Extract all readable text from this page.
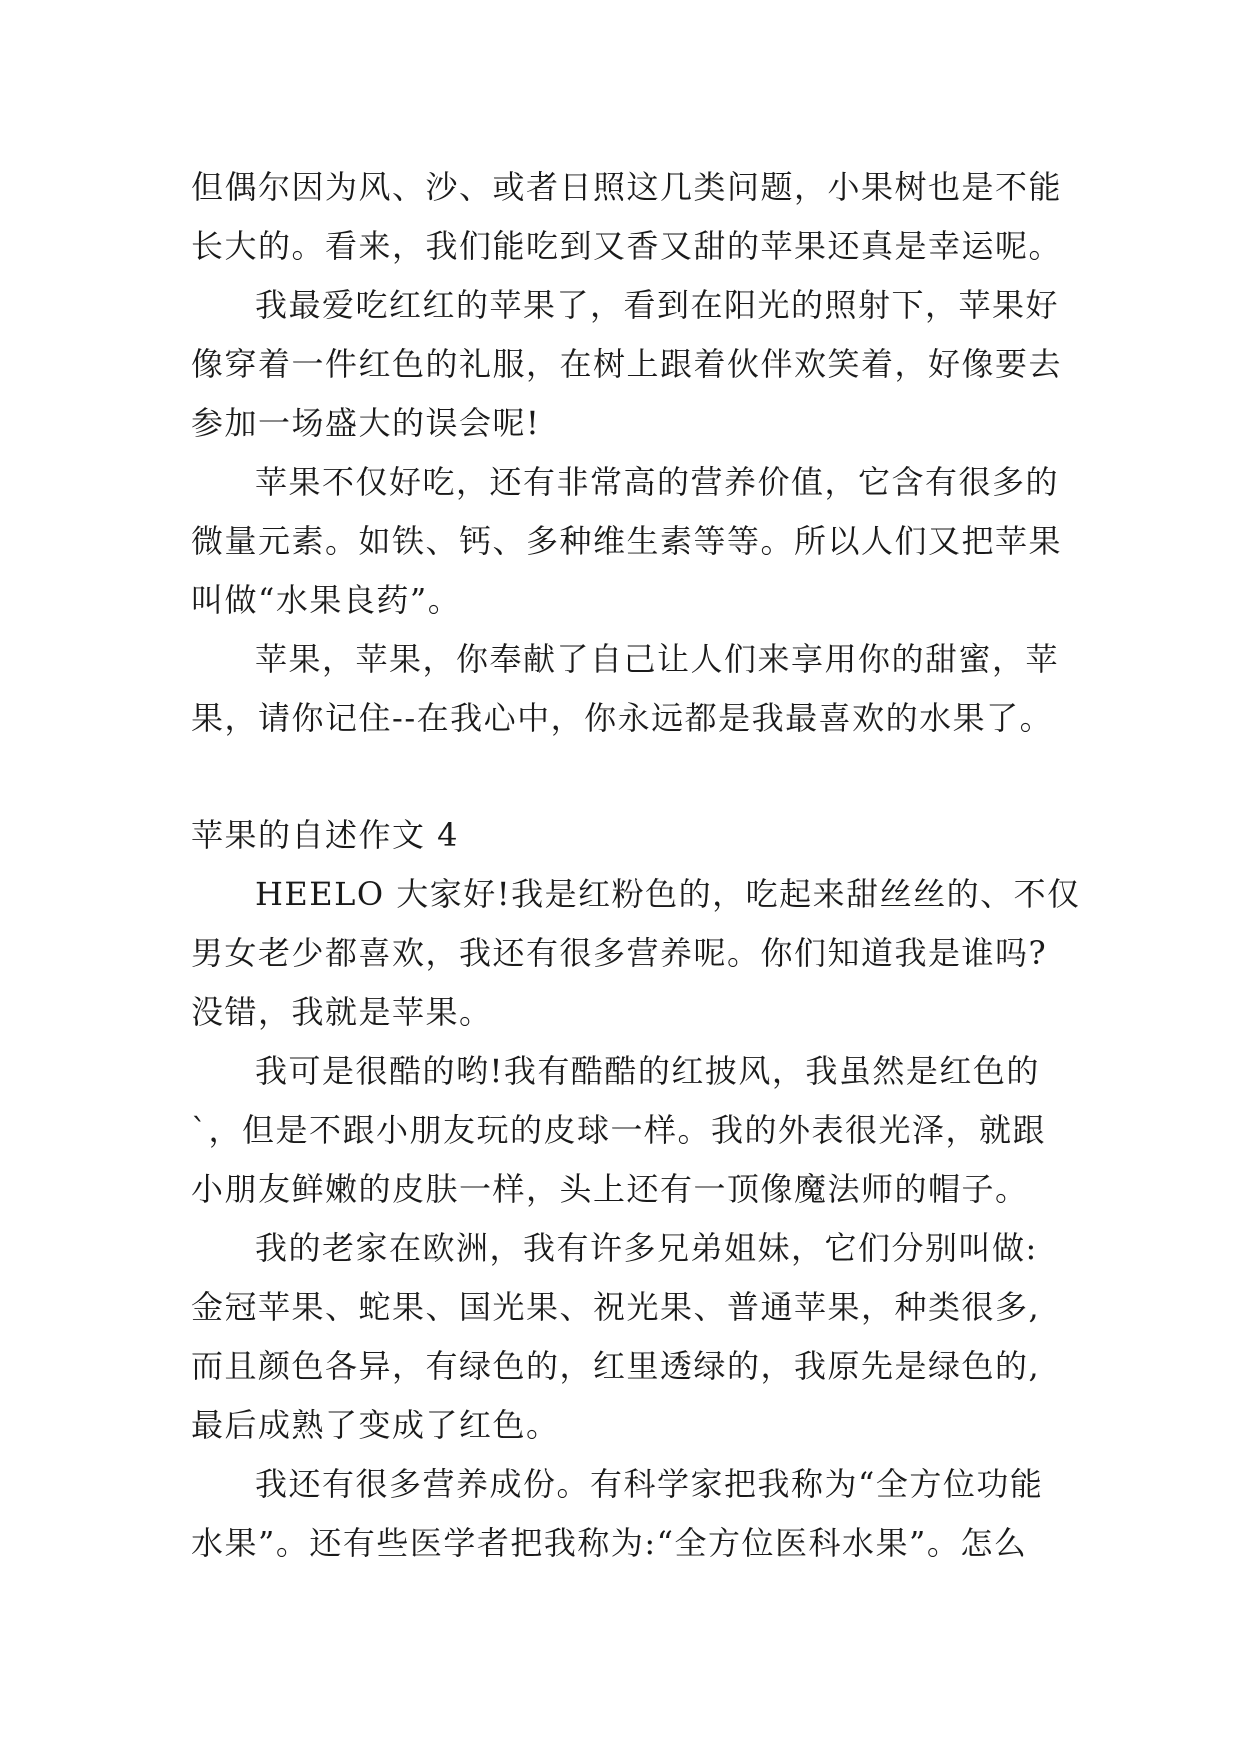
但偶尔因为风、沙、或者日照这几类问题，小果树也是不能
长大的。看来，我们能吃到又香又甜的苹果还真是幸运呢。
我最爱吃红红的苹果了，看到在阳光的照射下，苹果好
像穿着一件红色的礼服，在树上跟着伙伴欢笑着，好像要去
参加一场盛大的误会呢!
苹果不仅好吃，还有非常高的营养价值，它含有很多的
微量元素。如铁、钙、多种维生素等等。所以人们又把苹果
叫做“水果良药”。
苹果，苹果，你奉献了自己让人们来享用你的甜蜜，苹
果，请你记住--在我心中，你永远都是我最喜欢的水果了。
苹果的自述作文 4
HEELO 大家好!我是红粉色的，吃起来甜丝丝的、不仅
男女老少都喜欢，我还有很多营养呢。你们知道我是谁吗?
没错，我就是苹果。
我可是很酷的哟!我有酷酷的红披风，我虽然是红色的
`，但是不跟小朋友玩的皮球一样。我的外表很光泽，就跟
小朋友鲜嫩的皮肤一样，头上还有一顶像魔法师的帽子。
我的老家在欧洲，我有许多兄弟姐妹，它们分别叫做:
金冠苹果、蛇果、国光果、祝光果、普通苹果，种类很多,
而且颜色各异，有绿色的，红里透绿的，我原先是绿色的,
最后成熟了变成了红色。
我还有很多营养成份。有科学家把我称为“全方位功能
水果”。还有些医学者把我称为:“全方位医科水果”。怎么
